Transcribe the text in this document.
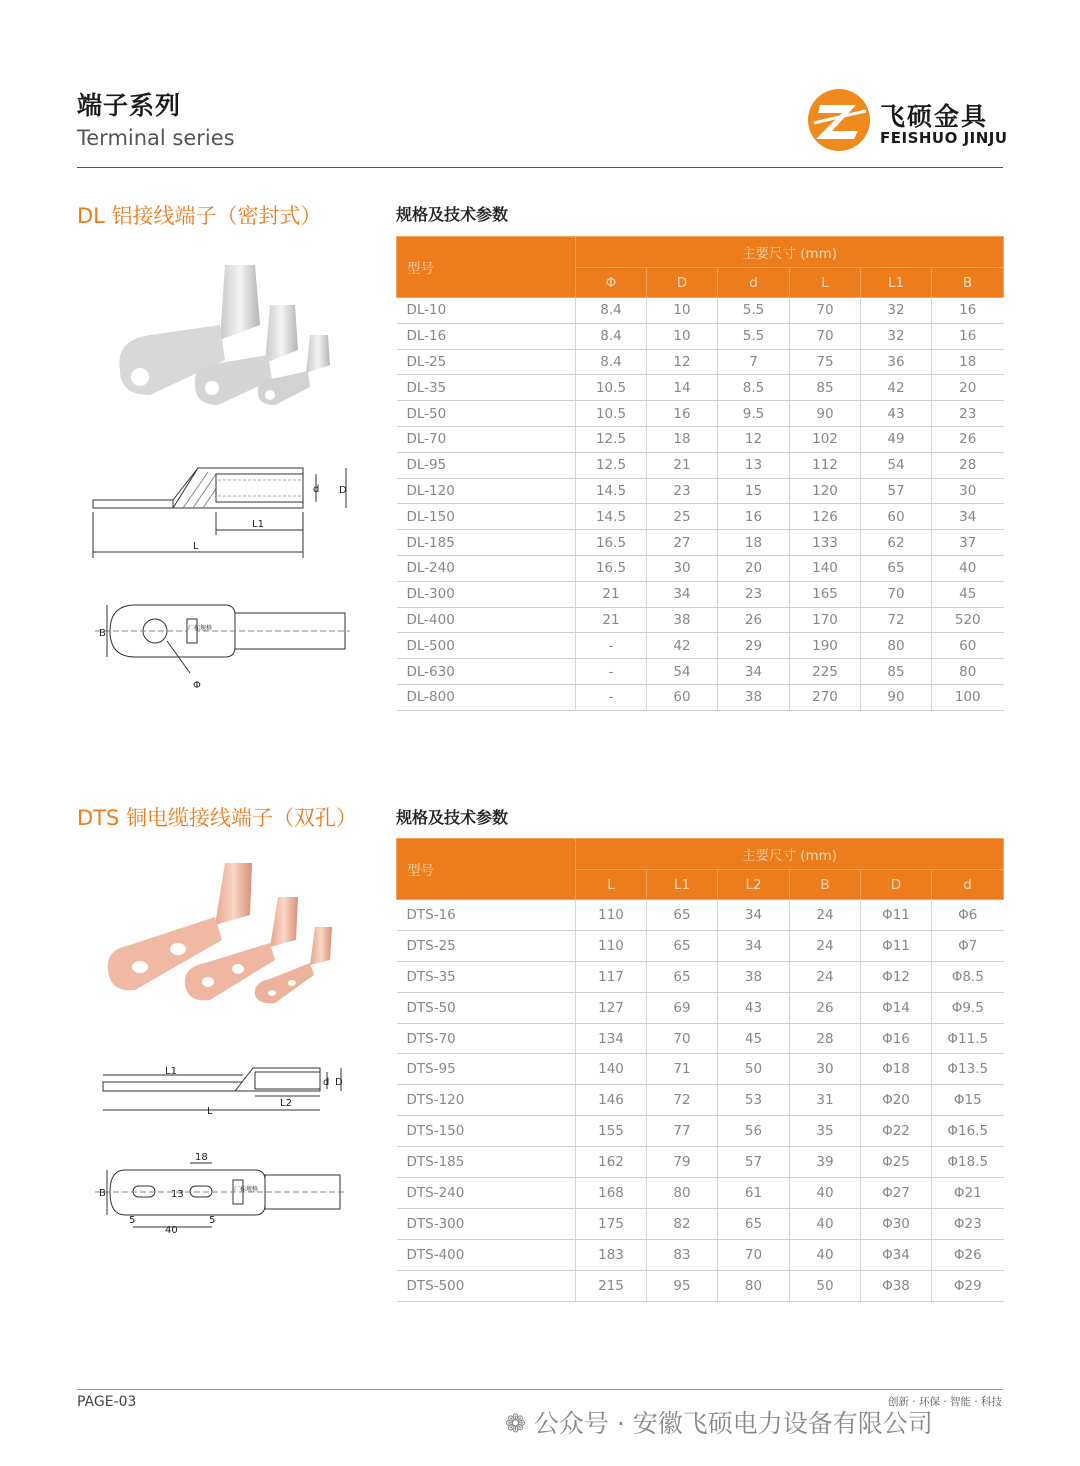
端子系列
Terminal series
飞硕金具
FEISHUO JINJU
DL 铝接线端子（密封式）	规格及技术参数
d D
L1
L
B
Φ
厂标规格
型号	主要尺寸 (mm)					
	Φ	D	d	L	L1	B
DL-10	8.4	10	5.5	70	32	16
DL-16	8.4	10	5.5	70	32	16
DL-25	8.4	12	7	75	36	18
DL-35	10.5	14	8.5	85	42	20
DL-50	10.5	16	9.5	90	43	23
DL-70	12.5	18	12	102	49	26
DL-95	12.5	21	13	112	54	28
DL-120	14.5	23	15	120	57	30
DL-150	14.5	25	16	126	60	34
DL-185	16.5	27	18	133	62	37
DL-240	16.5	30	20	140	65	40
DL-300	21	34	23	165	70	45
DL-400	21	38	26	170	72	520
DL-500	-	42	29	190	80	60
DL-630	-	54	34	225	85	80
DL-800	-	60	38	270	90	100
DTS 铜电缆接线端子（双孔） 规格及技术参数
L1
L2
L
d D
B
18
13
5
40
5
厂标规格
型号	主要尺寸 (mm)					
	L	L1	L2	B	D	d
DTS-16	110	65	34	24	Φ11	Φ6
DTS-25	110	65	34	24	Φ11	Φ7
DTS-35	117	65	38	24	Φ12	Φ8.5
DTS-50	127	69	43	26	Φ14	Φ9.5
DTS-70	134	70	45	28	Φ16	Φ11.5
DTS-95	140	71	50	30	Φ18	Φ13.5
DTS-120	146	72	53	31	Φ20	Φ15
DTS-150	155	77	56	35	Φ22	Φ16.5
DTS-185	162	79	57	39	Φ25	Φ18.5
DTS-240	168	80	61	40	Φ27	Φ21
DTS-300	175	82	65	40	Φ30	Φ23
DTS-400	183	83	70	40	Φ34	Φ26
DTS-500	215	95	80	50	Φ38	Φ29
PAGE-03	创新 · 环保 · 智能 · 科技
❁ 公众号 · 安徽飞硕电力设备有限公司
